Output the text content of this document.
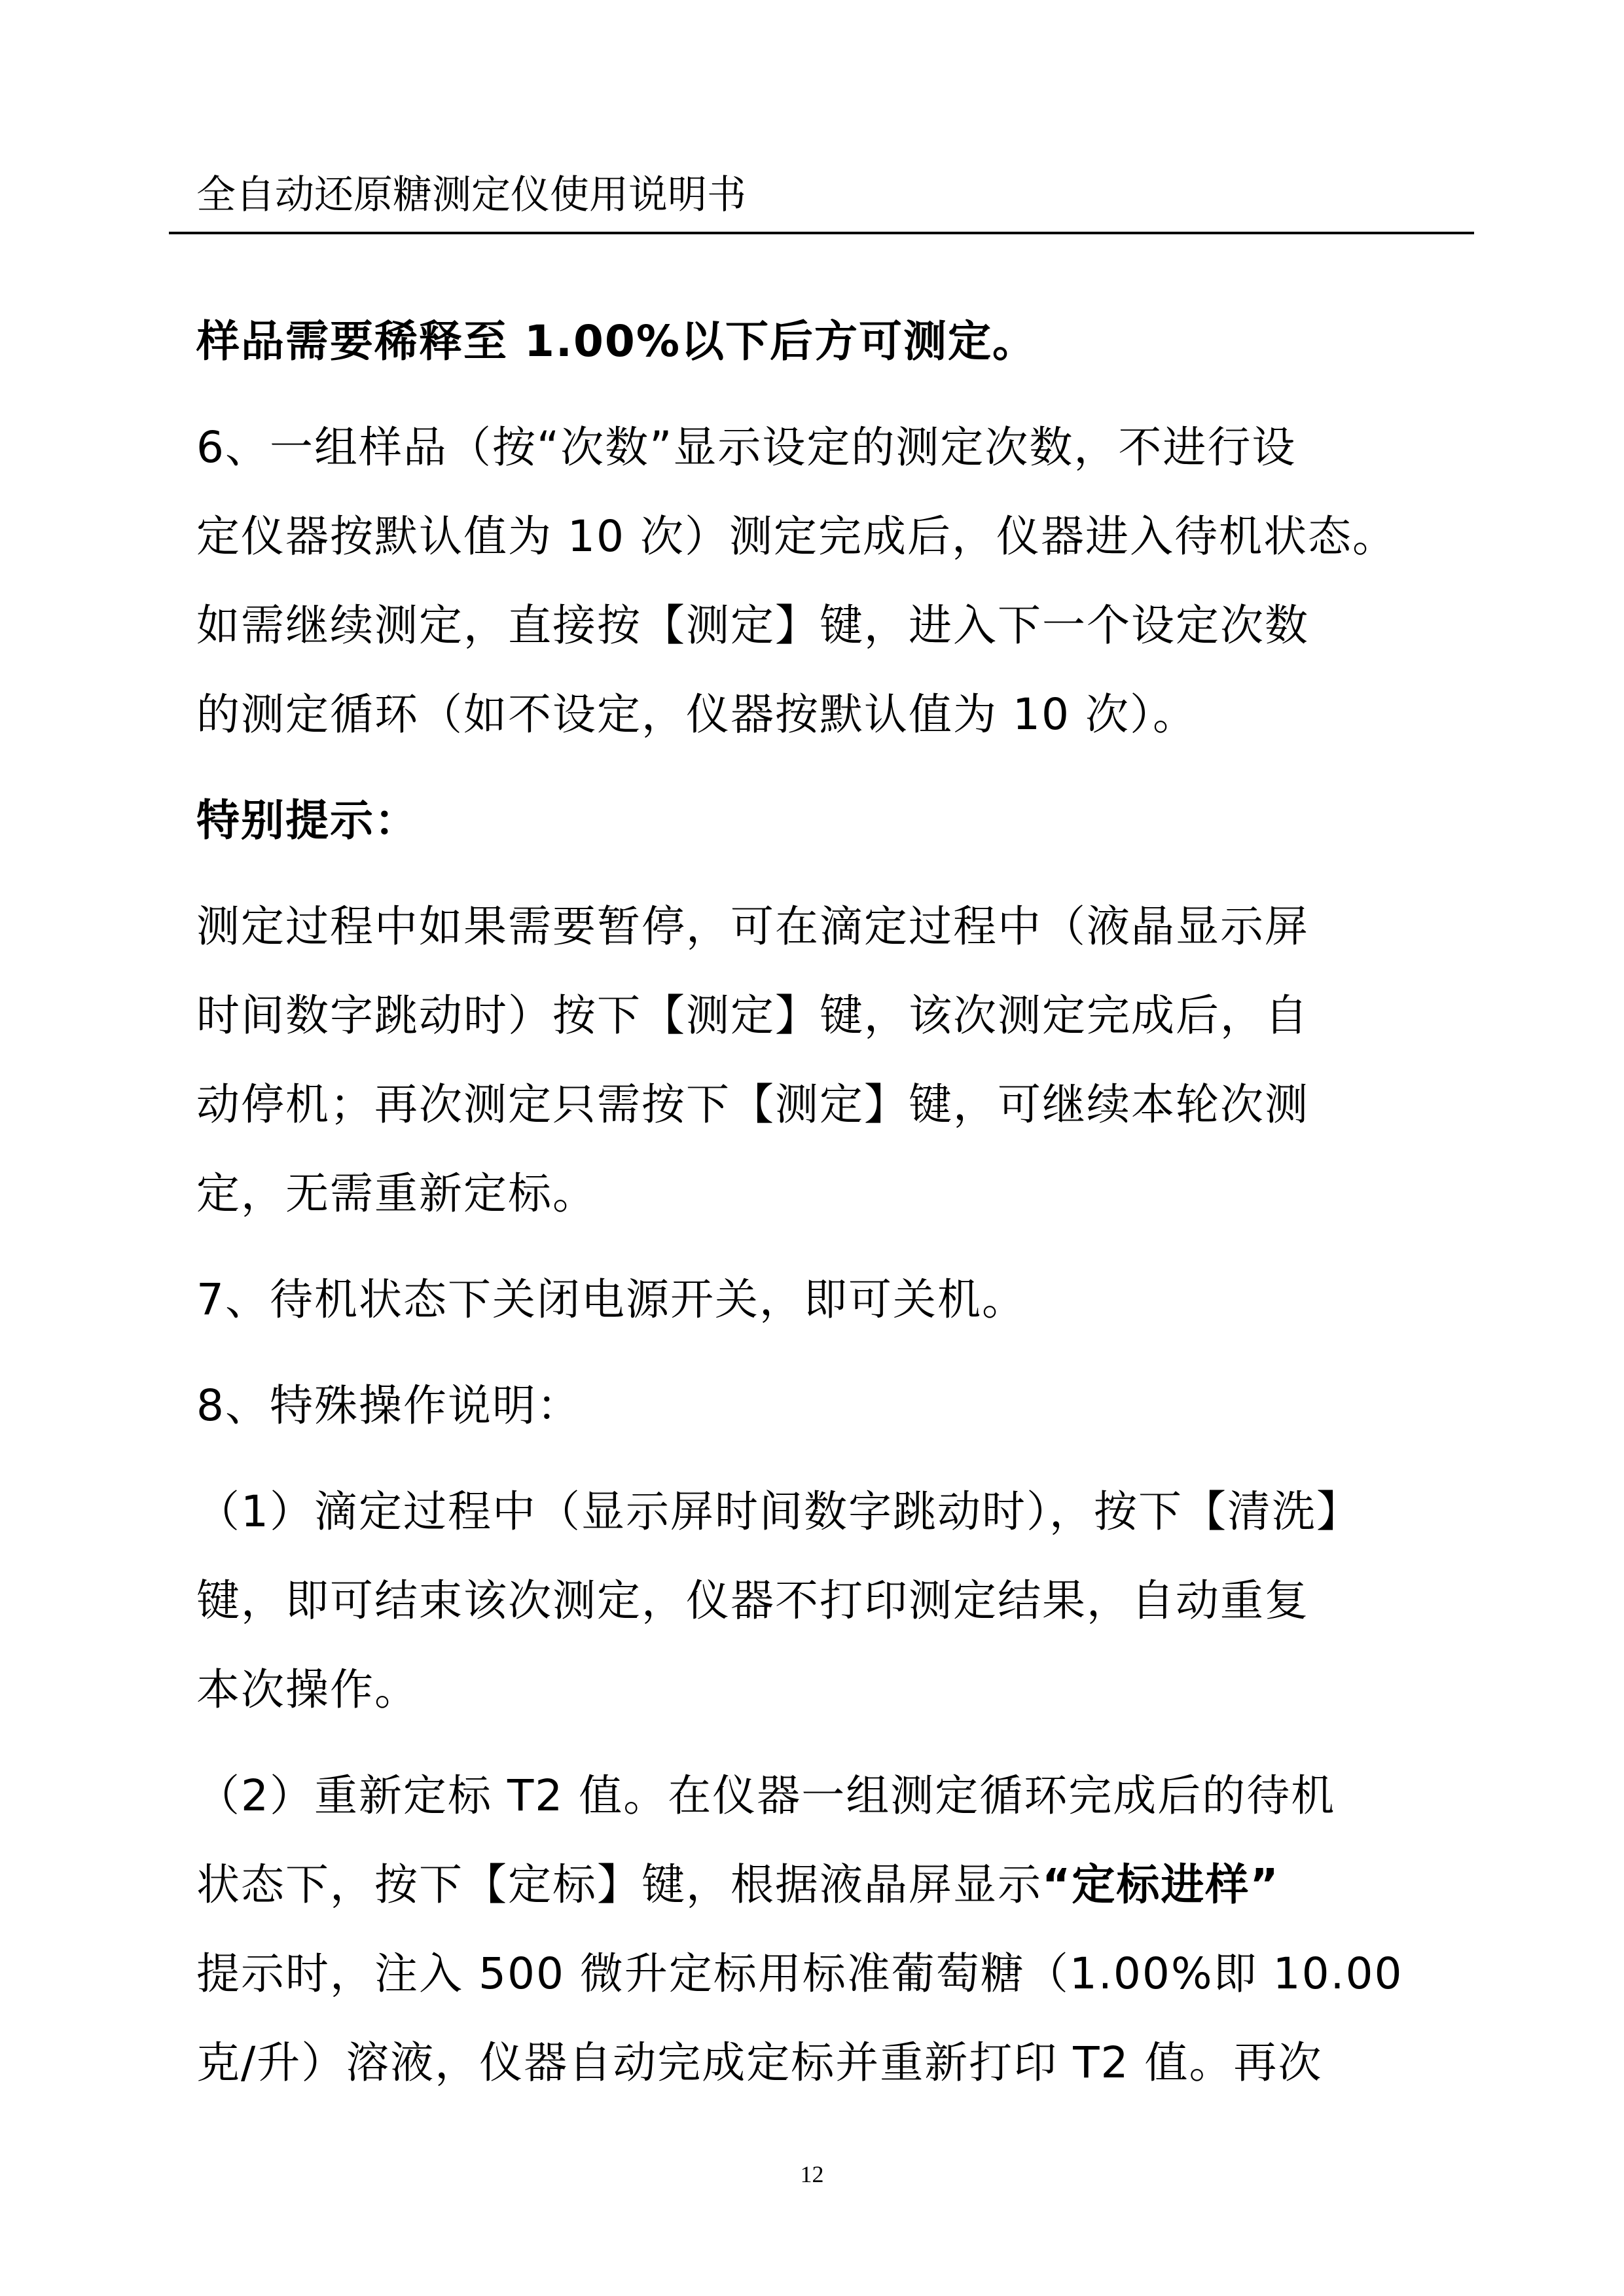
全自动还原糖测定仪使用说明书
样品需要稀释至 1.00%以下后方可测定。
6、一组样品（按“次数”显示设定的测定次数，不进行设
定仪器按默认值为 10 次）测定完成后，仪器进入待机状态。
如需继续测定，直接按【测定】键，进入下一个设定次数
的测定循环（如不设定，仪器按默认值为 10 次）。
特别提示：
测定过程中如果需要暂停，可在滴定过程中（液晶显示屏
时间数字跳动时）按下【测定】键，该次测定完成后，自
动停机；再次测定只需按下【测定】键，可继续本轮次测
定，无需重新定标。
7、待机状态下关闭电源开关，即可关机。
8、特殊操作说明：
（1）滴定过程中（显示屏时间数字跳动时），按下【清洗】
键，即可结束该次测定，仪器不打印测定结果，自动重复
本次操作。
（2）重新定标 T2 值。在仪器一组测定循环完成后的待机
状态下，按下【定标】键，根据液晶屏显示“定标进样”
提示时，注入 500 微升定标用标准葡萄糖（1.00%即 10.00
克/升）溶液，仪器自动完成定标并重新打印 T2 值。再次
12
